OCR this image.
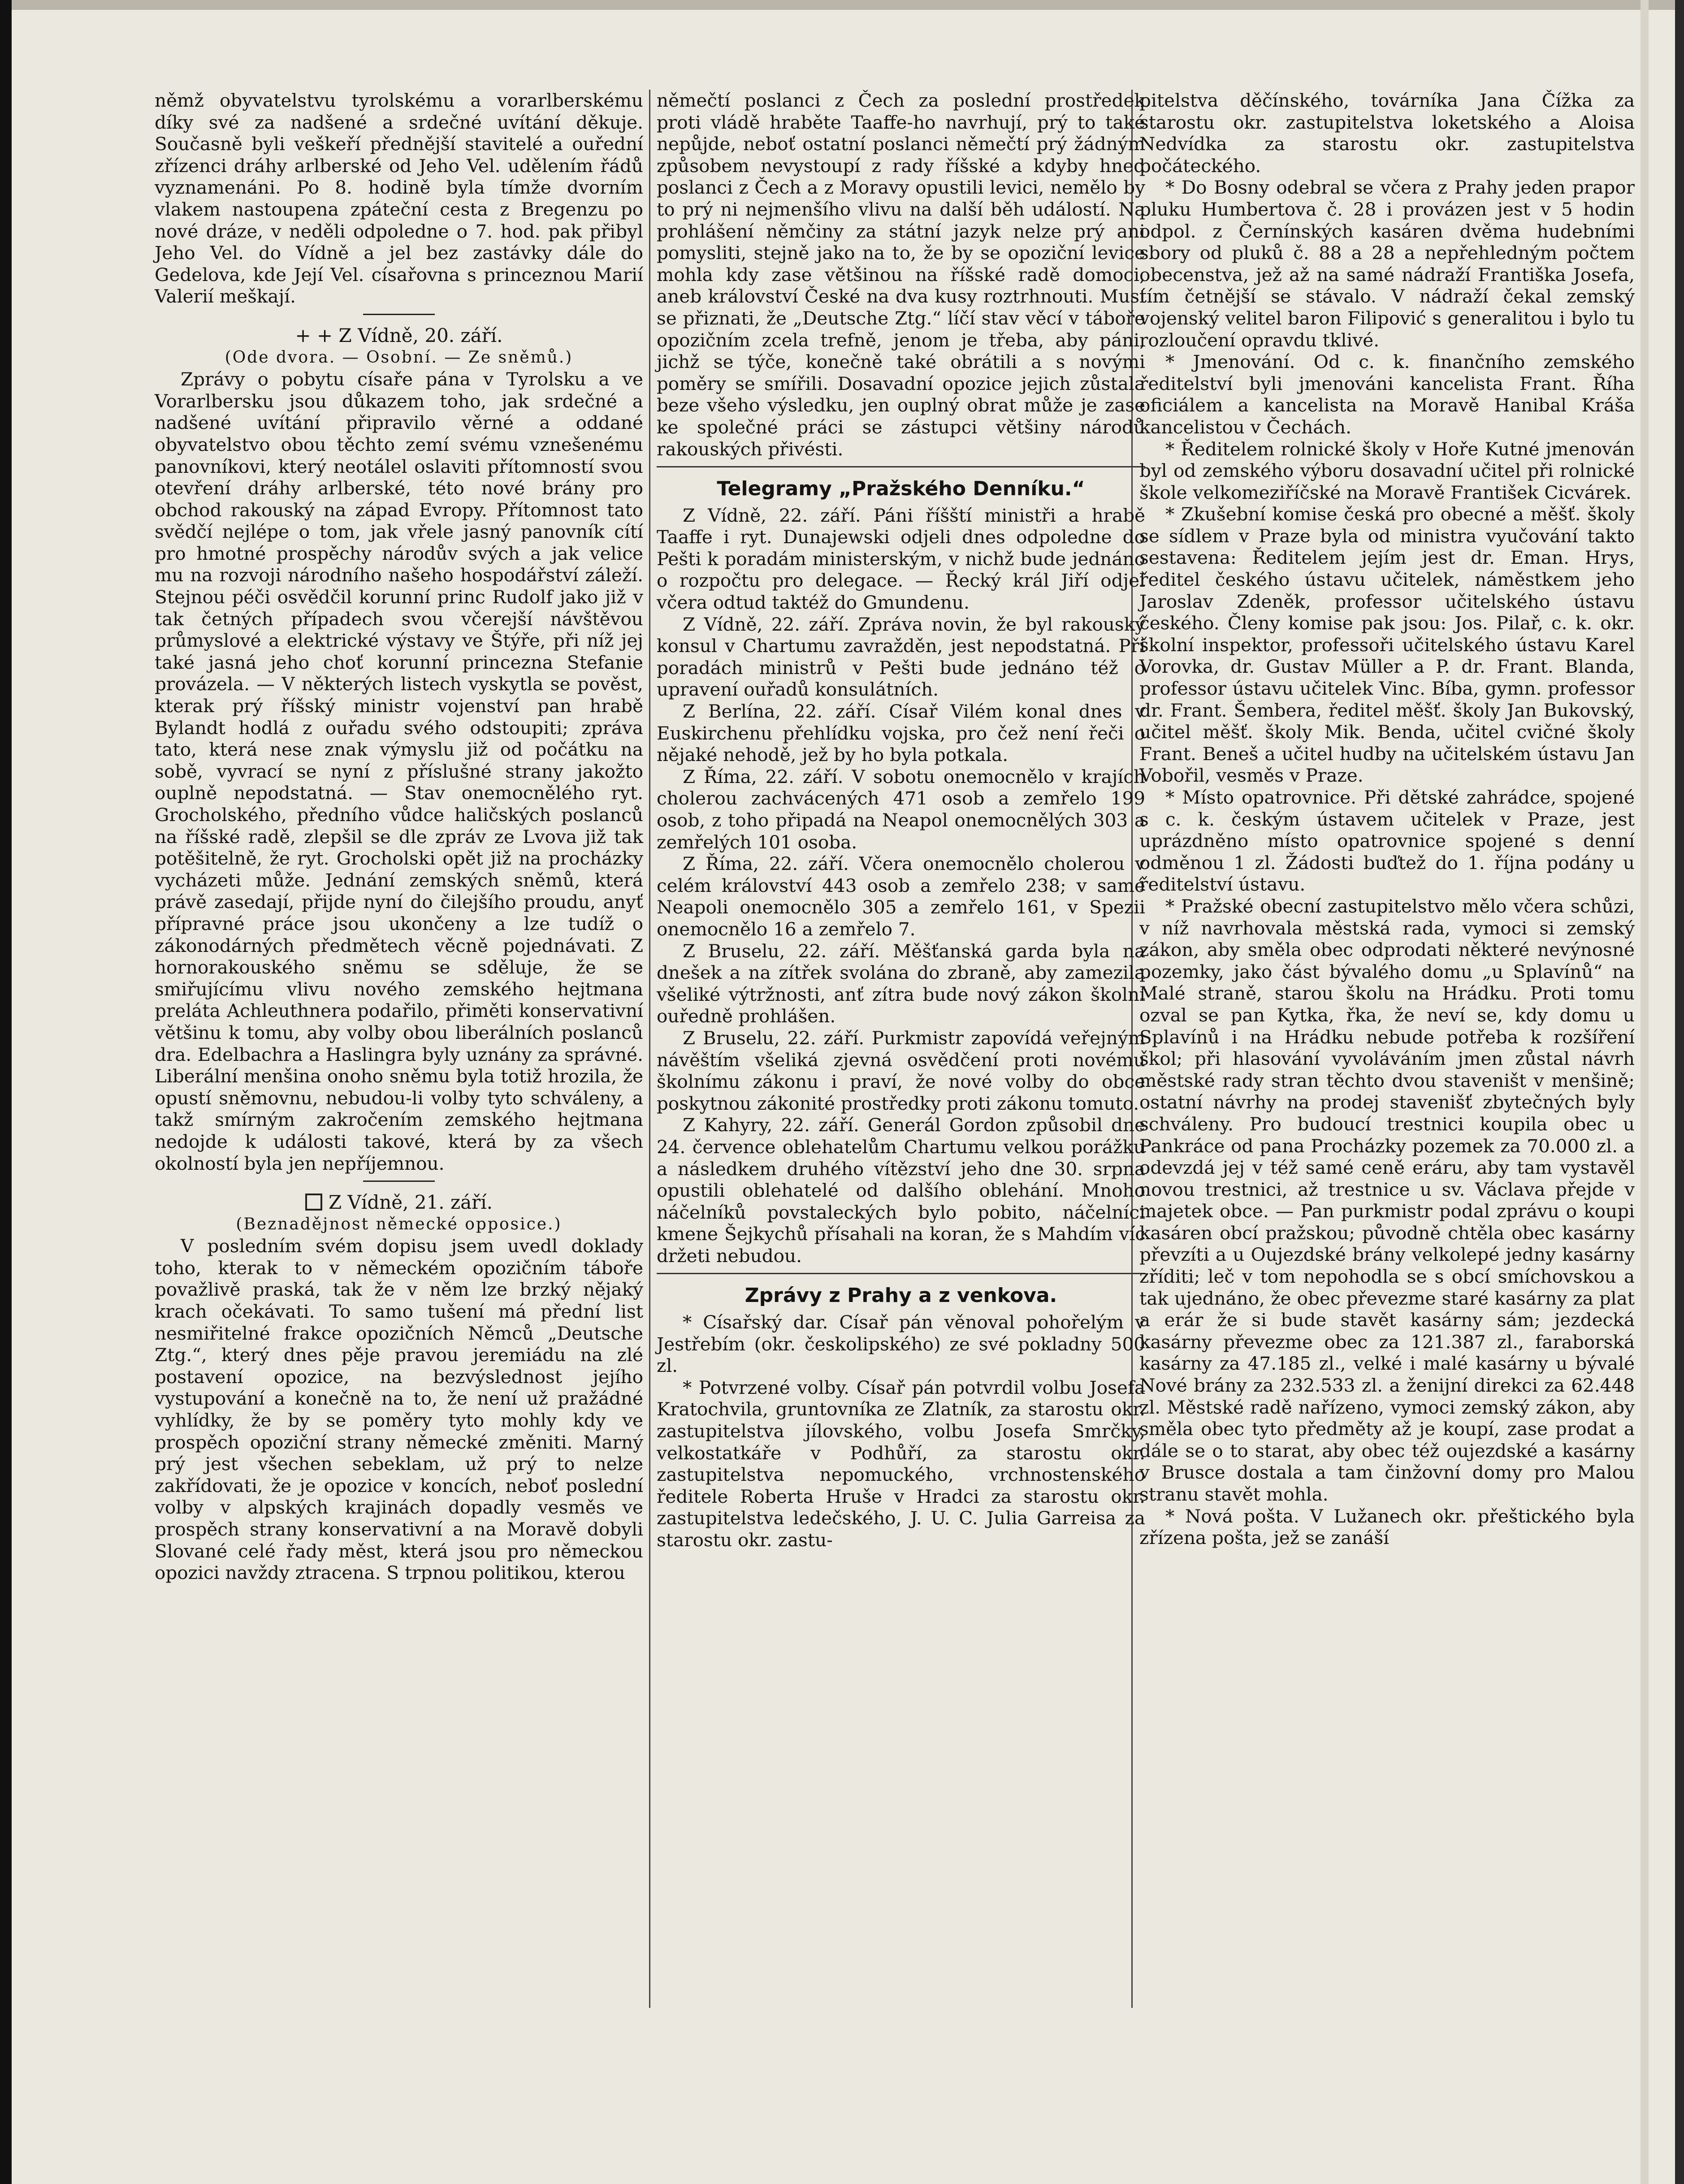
němž obyvatelstvu tyrolskému a vorarlberskému díky své za nadšené a srdečné uvítání děkuje. Současně byli veškeří přednější stavitelé a ouřední zřízenci dráhy arlberské od Jeho Vel. udělením řádů vyznamenáni. Po 8. hodině byla tímže dvorním vlakem nastoupena zpáteční cesta z Bregenzu po nové dráze, v neděli odpoledne o 7. hod. pak přibyl Jeho Vel. do Vídně a jel bez zastávky dále do Gedelova, kde Její Vel. císařovna s princeznou Marií Valerií meškají.

+ + Z Vídně, 20. září.

(Ode dvora. — Osobní. — Ze sněmů.)

Zprávy o pobytu císaře pána v Tyrolsku a ve Vorarlbersku jsou důkazem toho, jak srdečné a nadšené uvítání připravilo věrné a oddané obyvatelstvo obou těchto zemí svému vznešenému panovníkovi, který neotálel oslaviti přítomností svou otevření dráhy arlberské, této nové brány pro obchod rakouský na západ Evropy. Přítomnost tato svědčí nejlépe o tom, jak vřele jasný panovník cítí pro hmotné prospěchy národův svých a jak velice mu na rozvoji národního našeho hospodářství záleží. Stejnou péči osvědčil korunní princ Rudolf jako již v tak četných případech svou včerejší návštěvou průmyslové a elektrické výstavy ve Štýře, při níž jej také jasná jeho choť korunní princezna Stefanie provázela. — V některých listech vyskytla se pověst, kterak prý říšský ministr vojenství pan hrabě Bylandt hodlá z ouřadu svého odstoupiti; zpráva tato, která nese znak výmyslu již od počátku na sobě, vyvrací se nyní z příslušné strany jakožto ouplně nepodstatná. — Stav onemocnělého ryt. Grocholského, předního vůdce haličských poslanců na říšské radě, zlepšil se dle zpráv ze Lvova již tak potěšitelně, že ryt. Grocholski opět již na procházky vycházeti může. Jednání zemských sněmů, která právě zasedají, přijde nyní do čilejšího proudu, anyť přípravné práce jsou ukončeny a lze tudíž o zákonodárných předmětech věcně pojednávati. Z hornorakouského sněmu se sděluje, že se smiřujícímu vlivu nového zemského hejtmana preláta Achleuthnera podařilo, přiměti konservativní většinu k tomu, aby volby obou liberálních poslanců dra. Edelbachra a Haslingra byly uznány za správné. Liberální menšina onoho sněmu byla totiž hrozila, že opustí sněmovnu, nebudou-li volby tyto schváleny, a takž smírným zakročením zemského hejtmana nedojde k události takové, která by za všech okolností byla jen nepříjemnou.

Z Vídně, 21. září.

(Beznadějnost německé opposice.)

V posledním svém dopisu jsem uvedl doklady toho, kterak to v německém opozičním táboře považlivě praská, tak že v něm lze brzký nějaký krach očekávati. To samo tušení má přední list nesmiřitelné frakce opozičních Němců „Deutsche Ztg.“, který dnes pěje pravou jeremiádu na zlé postavení opozice, na bezvýslednost jejího vystupování a konečně na to, že není už pražádné vyhlídky, že by se poměry tyto mohly kdy ve prospěch opoziční strany německé změniti. Marný prý jest všechen sebeklam, už prý to nelze zakřídovati, že je opozice v koncích, neboť poslední volby v alpských krajinách dopadly vesměs ve prospěch strany konservativní a na Moravě dobyli Slované celé řady měst, která jsou pro německou opozici navždy ztracena. S trpnou politikou, kterou

němečtí poslanci z Čech za poslední prostředek proti vládě hraběte Taaffe-ho navrhují, prý to také nepůjde, neboť ostatní poslanci němečtí prý žádným způsobem nevystoupí z rady říšské a kdyby hned poslanci z Čech a z Moravy opustili levici, nemělo by to prý ni nejmenšího vlivu na další běh událostí. Na prohlášení němčiny za státní jazyk nelze prý ani pomysliti, stejně jako na to, že by se opoziční levice mohla kdy zase většinou na říšské radě domoci, aneb království České na dva kusy roztrhnouti. Musí se přiznati, že „Deutsche Ztg.“ líčí stav věcí v táboře opozičním zcela trefně, jenom je třeba, aby páni, jichž se týče, konečně také obrátili a s novými poměry se smířili. Dosavadní opozice jejich zůstala beze všeho výsledku, jen ouplný obrat může je zase ke společné práci se zástupci většiny národů rakouských přivésti.

Telegramy „Pražského Denníku.“

Z Vídně, 22. září. Páni říšští ministři a hrabě Taaffe i ryt. Dunajewski odjeli dnes odpoledne do Pešti k poradám ministerským, v nichž bude jednáno o rozpočtu pro delegace. — Řecký král Jiří odjel včera odtud taktéž do Gmundenu.

Z Vídně, 22. září. Zpráva novin, že byl rakouský konsul v Chartumu zavražděn, jest nepodstatná. Při poradách ministrů v Pešti bude jednáno též o upravení ouřadů konsulátních.

Z Berlína, 22. září. Císař Vilém konal dnes v Euskirchenu přehlídku vojska, pro čež není řeči o nějaké nehodě, jež by ho byla potkala.

Z Říma, 22. září. V sobotu onemocnělo v krajích cholerou zachvácených 471 osob a zemřelo 199 osob, z toho připadá na Neapol onemocnělých 303 a zemřelých 101 osoba.

Z Říma, 22. září. Včera onemocnělo cholerou v celém království 443 osob a zemřelo 238; v samé Neapoli onemocnělo 305 a zemřelo 161, v Spezii onemocnělo 16 a zemřelo 7.

Z Bruselu, 22. září. Měšťanská garda byla na dnešek a na zítřek svolána do zbraně, aby zamezila všeliké výtržnosti, anť zítra bude nový zákon školní ouředně prohlášen.

Z Bruselu, 22. září. Purkmistr zapovídá veřejným návěštím všeliká zjevná osvědčení proti novému školnímu zákonu i praví, že nové volby do obce poskytnou zákonité prostředky proti zákonu tomuto.

Z Kahyry, 22. září. Generál Gordon způsobil dne 24. července oblehatelům Chartumu velkou porážku a následkem druhého vítězství jeho dne 30. srpna opustili oblehatelé od dalšího oblehání. Mnoho náčelníků povstaleckých bylo pobito, náčelníci kmene Šejkychů přísahali na koran, že s Mahdím víc držeti nebudou.

Zprávy z Prahy a z venkova.

* Císařský dar. Císař pán věnoval pohořelým v Jestřebím (okr. českolipského) ze své pokladny 500 zl.

* Potvrzené volby. Císař pán potvrdil volbu Josefa Kratochvila, gruntovníka ze Zlatník, za starostu okr. zastupitelstva jílovského, volbu Josefa Smrčky, velkostatkáře v Podhůří, za starostu okr. zastupitelstva nepomuckého, vrchnostenského ředitele Roberta Hruše v Hradci za starostu okr. zastupitelstva ledečského, J. U. C. Julia Garreisa za starostu okr. zastu-

pitelstva děčínského, továrníka Jana Čížka za starostu okr. zastupitelstva loketského a Aloisa Nedvídka za starostu okr. zastupitelstva počáteckého.

* Do Bosny odebral se včera z Prahy jeden prapor pluku Humbertova č. 28 i provázen jest v 5 hodin odpol. z Černínských kasáren dvěma hudebními sbory od pluků č. 88 a 28 a nepřehledným počtem obecenstva, jež až na samé nádraží Františka Josefa, tím četnější se stávalo. V nádraží čekal zemský vojenský velitel baron Filipović s generalitou i bylo tu rozloučení opravdu tklivé.

* Jmenování. Od c. k. finančního zemského ředitelství byli jmenováni kancelista Frant. Říha oficiálem a kancelista na Moravě Hanibal Kráša kancelistou v Čechách.

* Ředitelem rolnické školy v Hoře Kutné jmenován byl od zemského výboru dosavadní učitel při rolnické škole velkomeziříčské na Moravě František Cicvárek.

* Zkušební komise česká pro obecné a měšť. školy se sídlem v Praze byla od ministra vyučování takto sestavena: Ředitelem jejím jest dr. Eman. Hrys, ředitel českého ústavu učitelek, náměstkem jeho Jaroslav Zdeněk, professor učitelského ústavu českého. Členy komise pak jsou: Jos. Pilař, c. k. okr. školní inspektor, professoři učitelského ústavu Karel Vorovka, dr. Gustav Müller a P. dr. Frant. Blanda, professor ústavu učitelek Vinc. Bíba, gymn. professor dr. Frant. Šembera, ředitel měšť. školy Jan Bukovský, učitel měšť. školy Mik. Benda, učitel cvičné školy Frant. Beneš a učitel hudby na učitelském ústavu Jan Vobořil, vesměs v Praze.

* Místo opatrovnice. Při dětské zahrádce, spojené s c. k. českým ústavem učitelek v Praze, jest uprázdněno místo opatrovnice spojené s denní odměnou 1 zl. Žádosti buďtež do 1. října podány u ředitelství ústavu.

* Pražské obecní zastupitelstvo mělo včera schůzi, v níž navrhovala městská rada, vymoci si zemský zákon, aby směla obec odprodati některé nevýnosné pozemky, jako část bývalého domu „u Splavínů“ na Malé straně, starou školu na Hrádku. Proti tomu ozval se pan Kytka, řka, že neví se, kdy domu u Splavínů i na Hrádku nebude potřeba k rozšíření škol; při hlasování vyvoláváním jmen zůstal návrh městské rady stran těchto dvou staveništ v menšině; ostatní návrhy na prodej stavenišť zbytečných byly schváleny. Pro budoucí trestnici koupila obec u Pankráce od pana Procházky pozemek za 70.000 zl. a odevzdá jej v též samé ceně eráru, aby tam vystavěl novou trestnici, až trestnice u sv. Václava přejde v majetek obce. — Pan purkmistr podal zprávu o koupi kasáren obcí pražskou; původně chtěla obec kasárny převzíti a u Oujezdské brány velkolepé jedny kasárny zříditi; leč v tom nepohodla se s obcí smíchovskou a tak ujednáno, že obec převezme staré kasárny za plat a erár že si bude stavět kasárny sám; jezdecká kasárny převezme obec za 121.387 zl., faraborská kasárny za 47.185 zl., velké i malé kasárny u bývalé Nové brány za 232.533 zl. a ženijní direkci za 62.448 zl. Městské radě nařízeno, vymoci zemský zákon, aby směla obec tyto předměty až je koupí, zase prodat a dále se o to starat, aby obec též oujezdské a kasárny v Brusce dostala a tam činžovní domy pro Malou stranu stavět mohla.

* Nová pošta. V Lužanech okr. přeštického byla zřízena pošta, jež se zanáší
